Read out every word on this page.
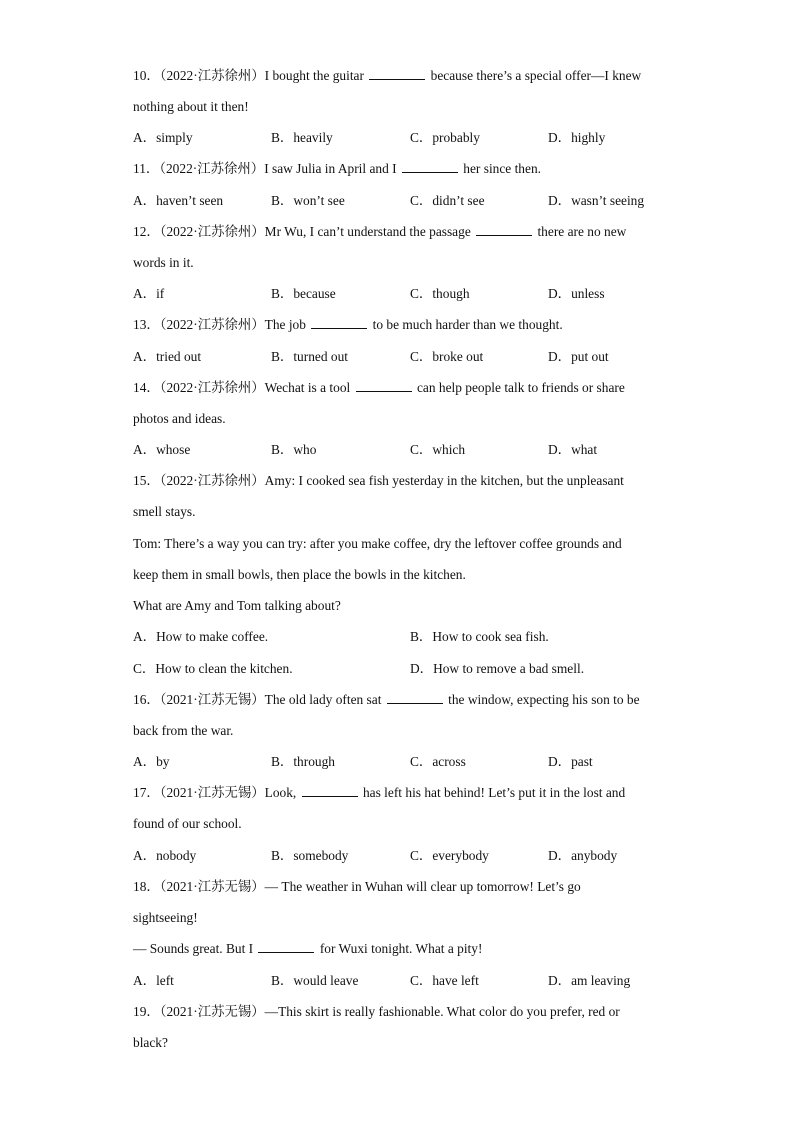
10．（2022·江苏徐州）I bought the guitar	because there’s a special offer—I knew
nothing about it then!
A．simply	B．heavily	C．probably	D．highly
11．（2022·江苏徐州）I saw Julia in April and I	her since then.
A．haven’t seen	B．won’t see	C．didn’t see	D．wasn’t seeing
12．（2022·江苏徐州）Mr Wu, I can’t understand the passage	there are no new
words in it.
A．if	B．because	C．though	D．unless
13．（2022·江苏徐州）The job	to be much harder than we thought.
A．tried out	B．turned out	C．broke out	D．put out
14．（2022·江苏徐州）Wechat is a tool	can help people talk to friends or share
photos and ideas.
A．whose	B．who	C．which	D．what
15．（2022·江苏徐州）Amy: I cooked sea fish yesterday in the kitchen, but the unpleasant
smell stays.
Tom: There’s a way you can try: after you make coffee, dry the leftover coffee grounds and
keep them in small bowls, then place the bowls in the kitchen.
What are Amy and Tom talking about?
A．How to make coffee.	B．How to cook sea fish.
C．How to clean the kitchen.	D．How to remove a bad smell.
16．（2021·江苏无锡）The old lady often sat	the window, expecting his son to be
back from the war.
A．by	B．through	C．across	D．past
17．（2021·江苏无锡）Look,	has left his hat behind! Let’s put it in the lost and
found of our school.
A．nobody	B．somebody	C．everybody	D．anybody
18．（2021·江苏无锡）— The weather in Wuhan will clear up tomorrow! Let’s go
sightseeing!
— Sounds great. But I	for Wuxi tonight. What a pity!
A．left	B．would leave	C．have left	D．am leaving
19．（2021·江苏无锡）—This skirt is really fashionable. What color do you prefer, red or
black?
